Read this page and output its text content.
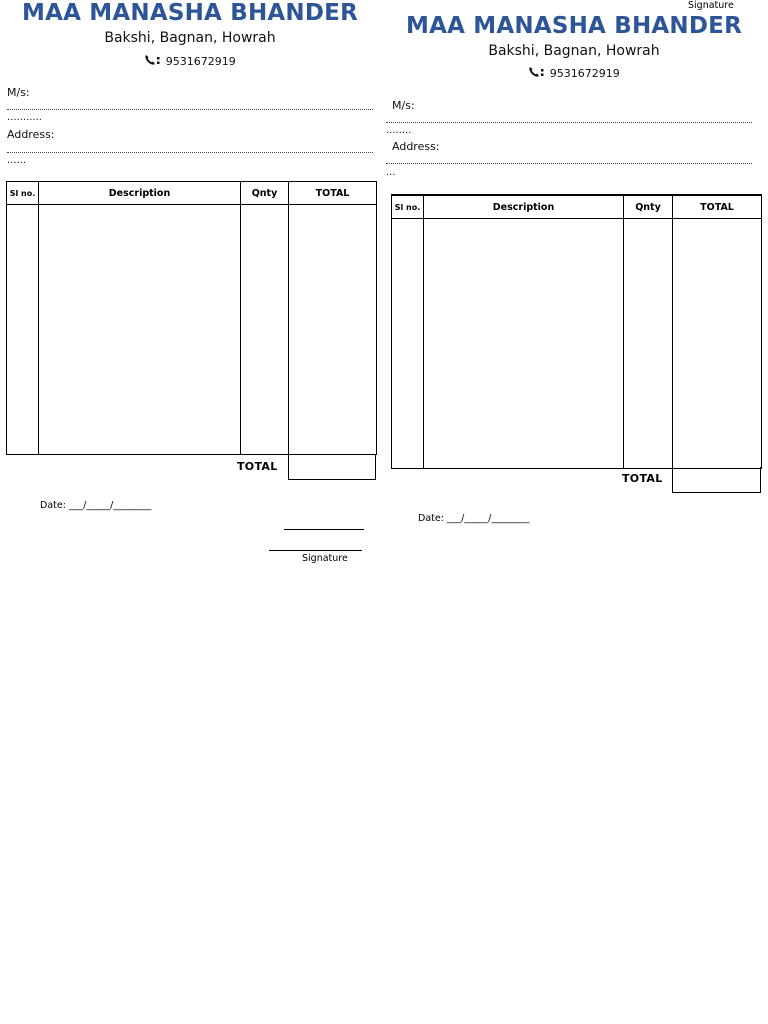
MAA MANASHA BHANDER
Bakshi, Bagnan, Howrah
9531672919
M/s:
...........
Address:
......
Sl no.	Description	Qnty	TOTAL

TOTAL
Date: ___/_____/________
Signature
Signature
MAA MANASHA BHANDER
Bakshi, Bagnan, Howrah
9531672919
M/s:
........
Address:
...
Sl no.	Description	Qnty	TOTAL

TOTAL
Date: ___/_____/________
